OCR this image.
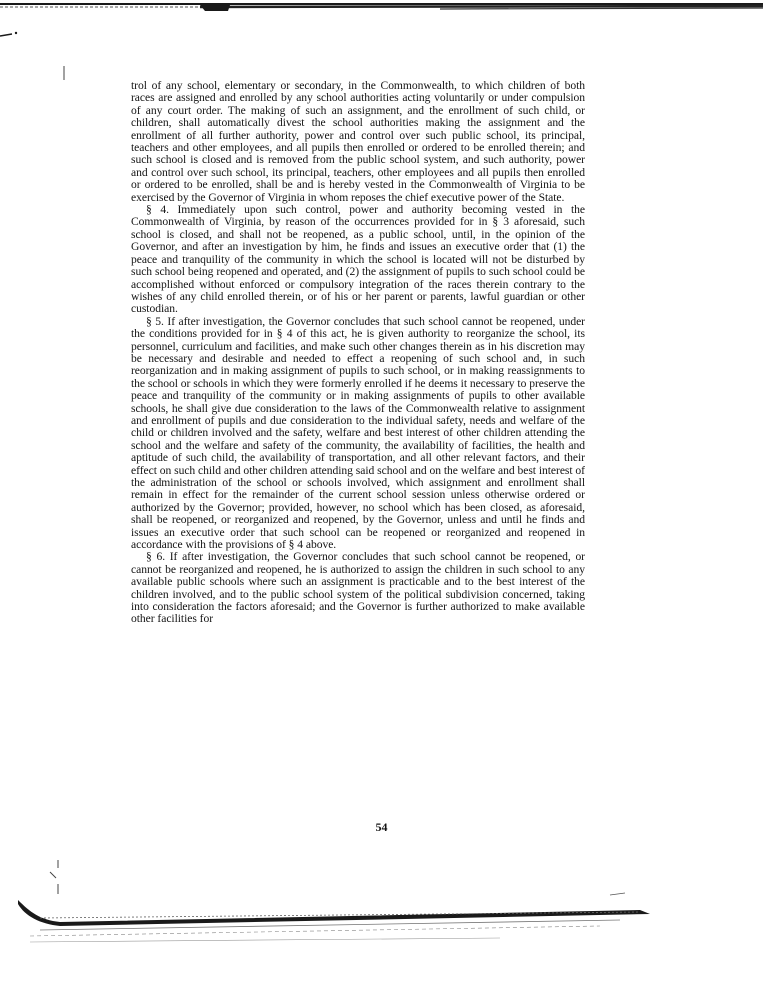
trol of any school, elementary or secondary, in the Commonwealth, to which children of both races are assigned and enrolled by any school authorities acting voluntarily or under compulsion of any court order. The making of such an assignment, and the enrollment of such child, or children, shall automatically divest the school authorities making the assignment and the enrollment of all further authority, power and control over such public school, its principal, teachers and other employees, and all pupils then enrolled or ordered to be enrolled therein; and such school is closed and is removed from the public school system, and such authority, power and control over such school, its principal, teachers, other employees and all pupils then enrolled or ordered to be enrolled, shall be and is hereby vested in the Commonwealth of Virginia to be exercised by the Governor of Virginia in whom reposes the chief executive power of the State.

§ 4. Immediately upon such control, power and authority becoming vested in the Commonwealth of Virginia, by reason of the occurrences provided for in § 3 aforesaid, such school is closed, and shall not be reopened, as a public school, until, in the opinion of the Governor, and after an investigation by him, he finds and issues an executive order that (1) the peace and tranquility of the community in which the school is located will not be disturbed by such school being reopened and operated, and (2) the assignment of pupils to such school could be accomplished without enforced or compulsory integration of the races therein contrary to the wishes of any child enrolled therein, or of his or her parent or parents, lawful guardian or other custodian.

§ 5. If after investigation, the Governor concludes that such school cannot be reopened, under the conditions provided for in § 4 of this act, he is given authority to reorganize the school, its personnel, curriculum and facilities, and make such other changes therein as in his discretion may be necessary and desirable and needed to effect a reopening of such school and, in such reorganization and in making assignment of pupils to such school, or in making reassignments to the school or schools in which they were formerly enrolled if he deems it necessary to preserve the peace and tranquility of the community or in making assignments of pupils to other available schools, he shall give due consideration to the laws of the Commonwealth relative to assignment and enrollment of pupils and due consideration to the individual safety, needs and welfare of the child or children involved and the safety, welfare and best interest of other children attending the school and the welfare and safety of the community, the availability of facilities, the health and aptitude of such child, the availability of transportation, and all other relevant factors, and their effect on such child and other children attending said school and on the welfare and best interest of the administration of the school or schools involved, which assignment and enrollment shall remain in effect for the remainder of the current school session unless otherwise ordered or authorized by the Governor; provided, however, no school which has been closed, as aforesaid, shall be reopened, or reorganized and reopened, by the Governor, unless and until he finds and issues an executive order that such school can be reopened or reorganized and reopened in accordance with the provisions of § 4 above.

§ 6. If after investigation, the Governor concludes that such school cannot be reopened, or cannot be reorganized and reopened, he is authorized to assign the children in such school to any available public schools where such an assignment is practicable and to the best interest of the children involved, and to the public school system of the political subdivision concerned, taking into consideration the factors aforesaid; and the Governor is further authorized to make available other facilities for

54
